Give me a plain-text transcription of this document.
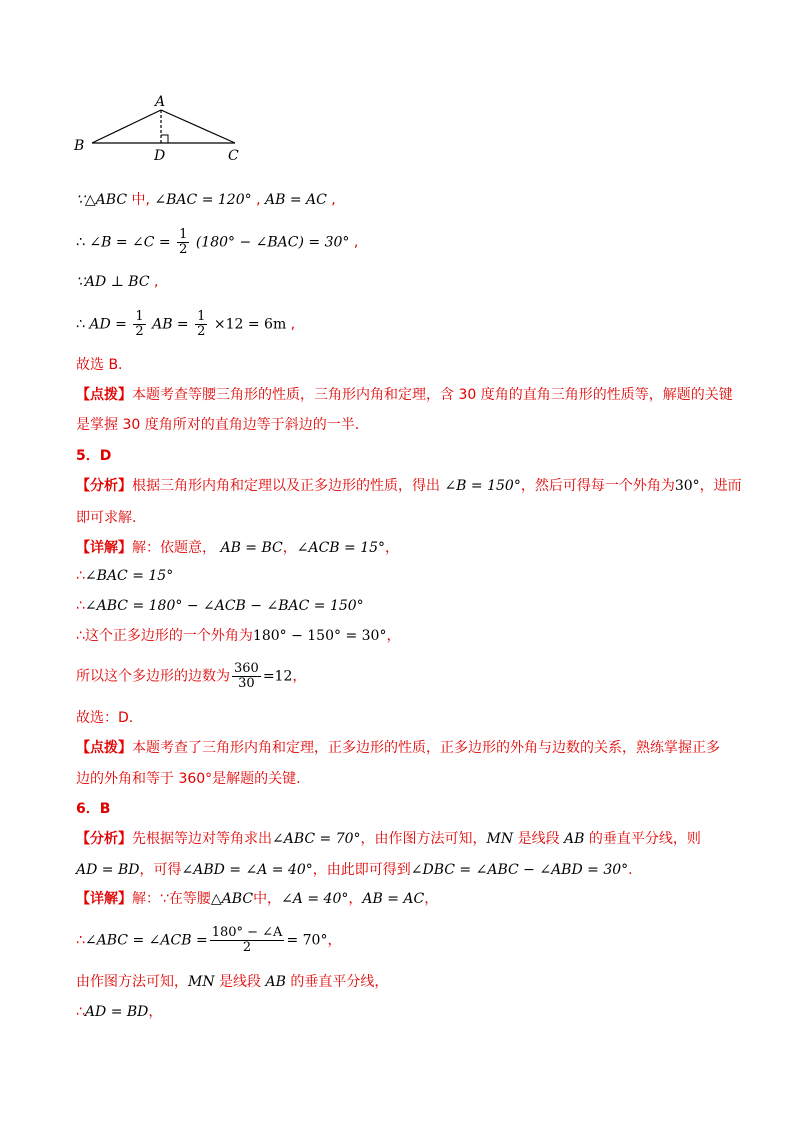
A
B
D	C
∵△ABC 中, ∠BAC = 120° , AB = AC ,
∴ ∠B = ∠C = $\frac{1}{2} (180^\circ$ − ∠BAC) = 30° ,
∵AD ⊥ BC ,
∴ AD = $\frac{1}{2}$ AB = $\frac{1}{2} \times 12 = 6m$ ,
故选 B.
【点拨】本题考查等腰三角形的性质，三角形内角和定理，含 30 度角的直角三角形的性质等，解题的关键
是掌握 30 度角所对的直角边等于斜边的一半.
5．D
【分析】根据三角形内角和定理以及正多边形的性质，得出 ∠B = 150°，然后可得每一个外角为30°，进而
即可求解.
【详解】解：依题意， AB = BC，∠ACB = 15°，
∴∠BAC = 15°
∴∠ABC = 180° − ∠ACB − ∠BAC = 150°
∴这个正多边形的一个外角为180° − 150° = 30°，
所以这个多边形的边数为 $\frac{360}{30} =12$，
故选：D.
【点拨】本题考查了三角形内角和定理，正多边形的性质，正多边形的外角与边数的关系，熟练掌握正多
边的外角和等于 360°是解题的关键.
6．B
【分析】先根据等边对等角求出∠ABC = 70°，由作图方法可知，MN 是线段 AB 的垂直平分线，则
AD = BD，可得∠ABD = ∠A = 40°，由此即可得到∠DBC = ∠ABC − ∠ABD = 30°.
【详解】解：∵在等腰△ABC中，∠A = 40°，AB = AC，
∴∠ABC = ∠ACB = $\frac{180^\circ - \angle A}{2} = 70^\circ$，
由作图方法可知，MN 是线段 AB 的垂直平分线，
∴AD = BD，
